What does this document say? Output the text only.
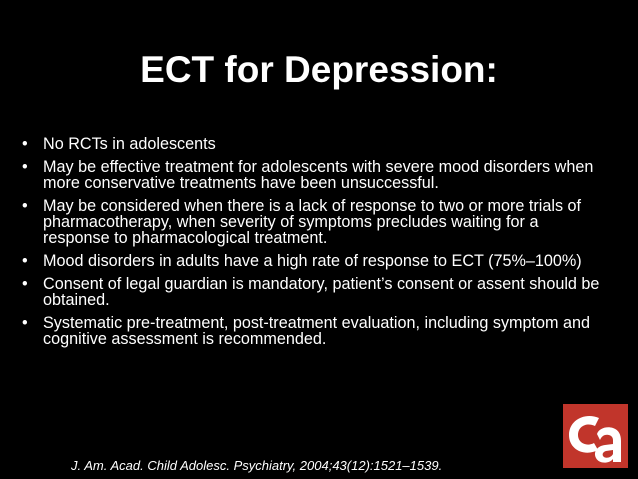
ECT for Depression:
• No RCTs in adolescents
• May be effective treatment for adolescents with severe mood disorders when more conservative treatments have been unsuccessful.
• May be considered when there is a lack of response to two or more trials of pharmacotherapy, when severity of symptoms precludes waiting for a response to pharmacological treatment.
• Mood disorders in adults have a high rate of response to ECT (75%–100%)
• Consent of legal guardian is mandatory, patient’s consent or assent should be obtained.
• Systematic pre-treatment, post-treatment evaluation, including symptom and cognitive assessment is recommended.
J. Am. Acad. Child Adolesc. Psychiatry, 2004;43(12):1521–1539.
